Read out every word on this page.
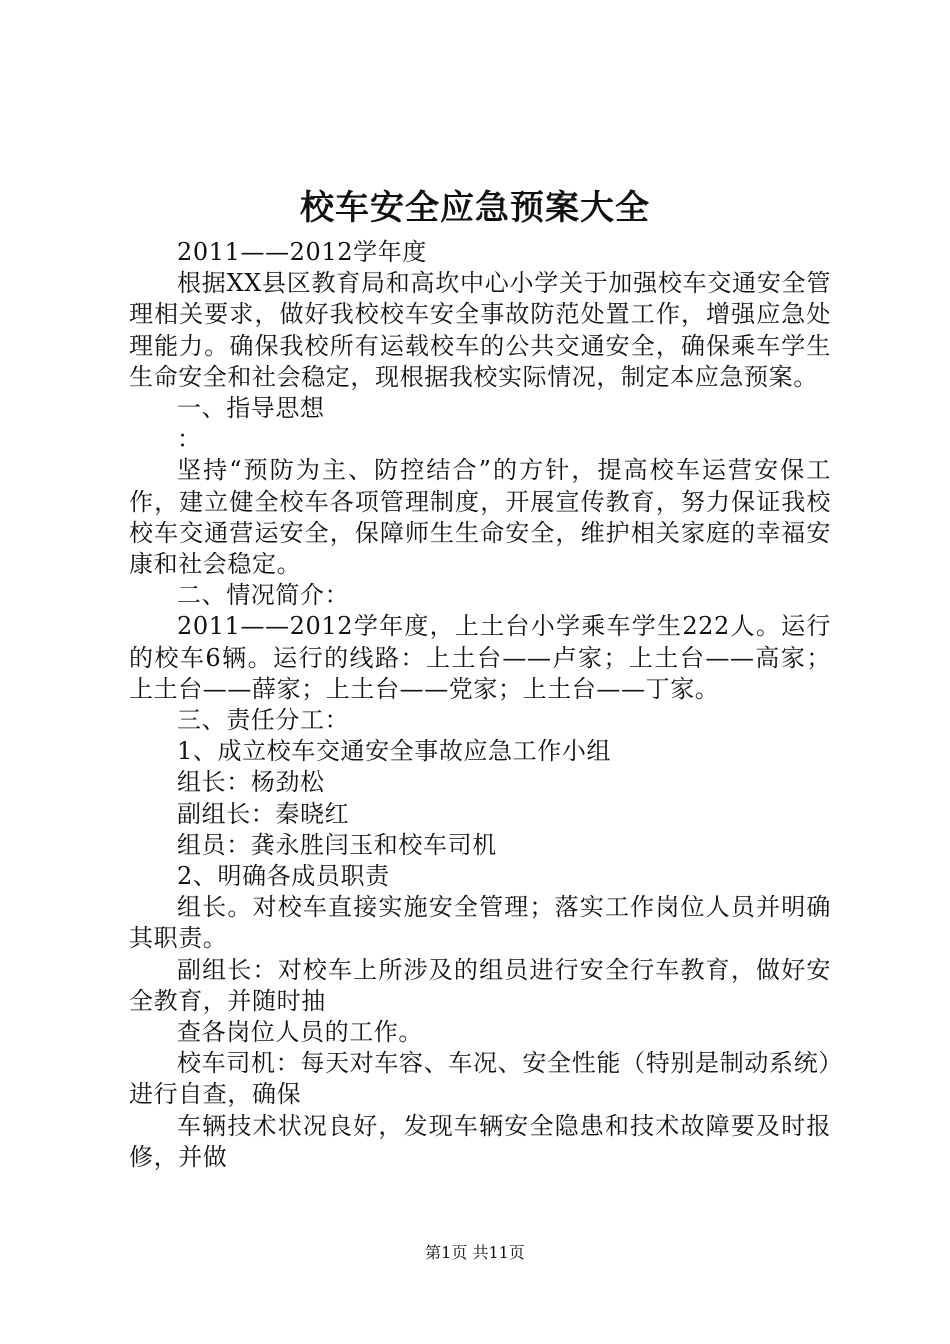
校车安全应急预案大全

2011——2012学年度

根据XX县区教育局和高坎中心小学关于加强校车交通安全管理相关要求，做好我校校车安全事故防范处置工作，增强应急处理能力。确保我校所有运载校车的公共交通安全，确保乘车学生生命安全和社会稳定，现根据我校实际情况，制定本应急预案。

一、指导思想

：

坚持“预防为主、防控结合”的方针，提高校车运营安保工作，建立健全校车各项管理制度，开展宣传教育，努力保证我校校车交通营运安全，保障师生生命安全，维护相关家庭的幸福安康和社会稳定。

二、情况简介：

2011——2012学年度，上土台小学乘车学生222人。运行的校车6辆。运行的线路：上土台——卢家；上土台——高家；上土台——薛家；上土台——党家；上土台——丁家。

三、责任分工：

1、成立校车交通安全事故应急工作小组

组长：杨劲松

副组长：秦晓红

组员：龚永胜闫玉和校车司机

2、明确各成员职责

组长。对校车直接实施安全管理；落实工作岗位人员并明确其职责。

副组长：对校车上所涉及的组员进行安全行车教育，做好安全教育，并随时抽

查各岗位人员的工作。

校车司机：每天对车容、车况、安全性能（特别是制动系统）进行自查，确保

车辆技术状况良好，发现车辆安全隐患和技术故障要及时报修，并做

第1页 共11页
